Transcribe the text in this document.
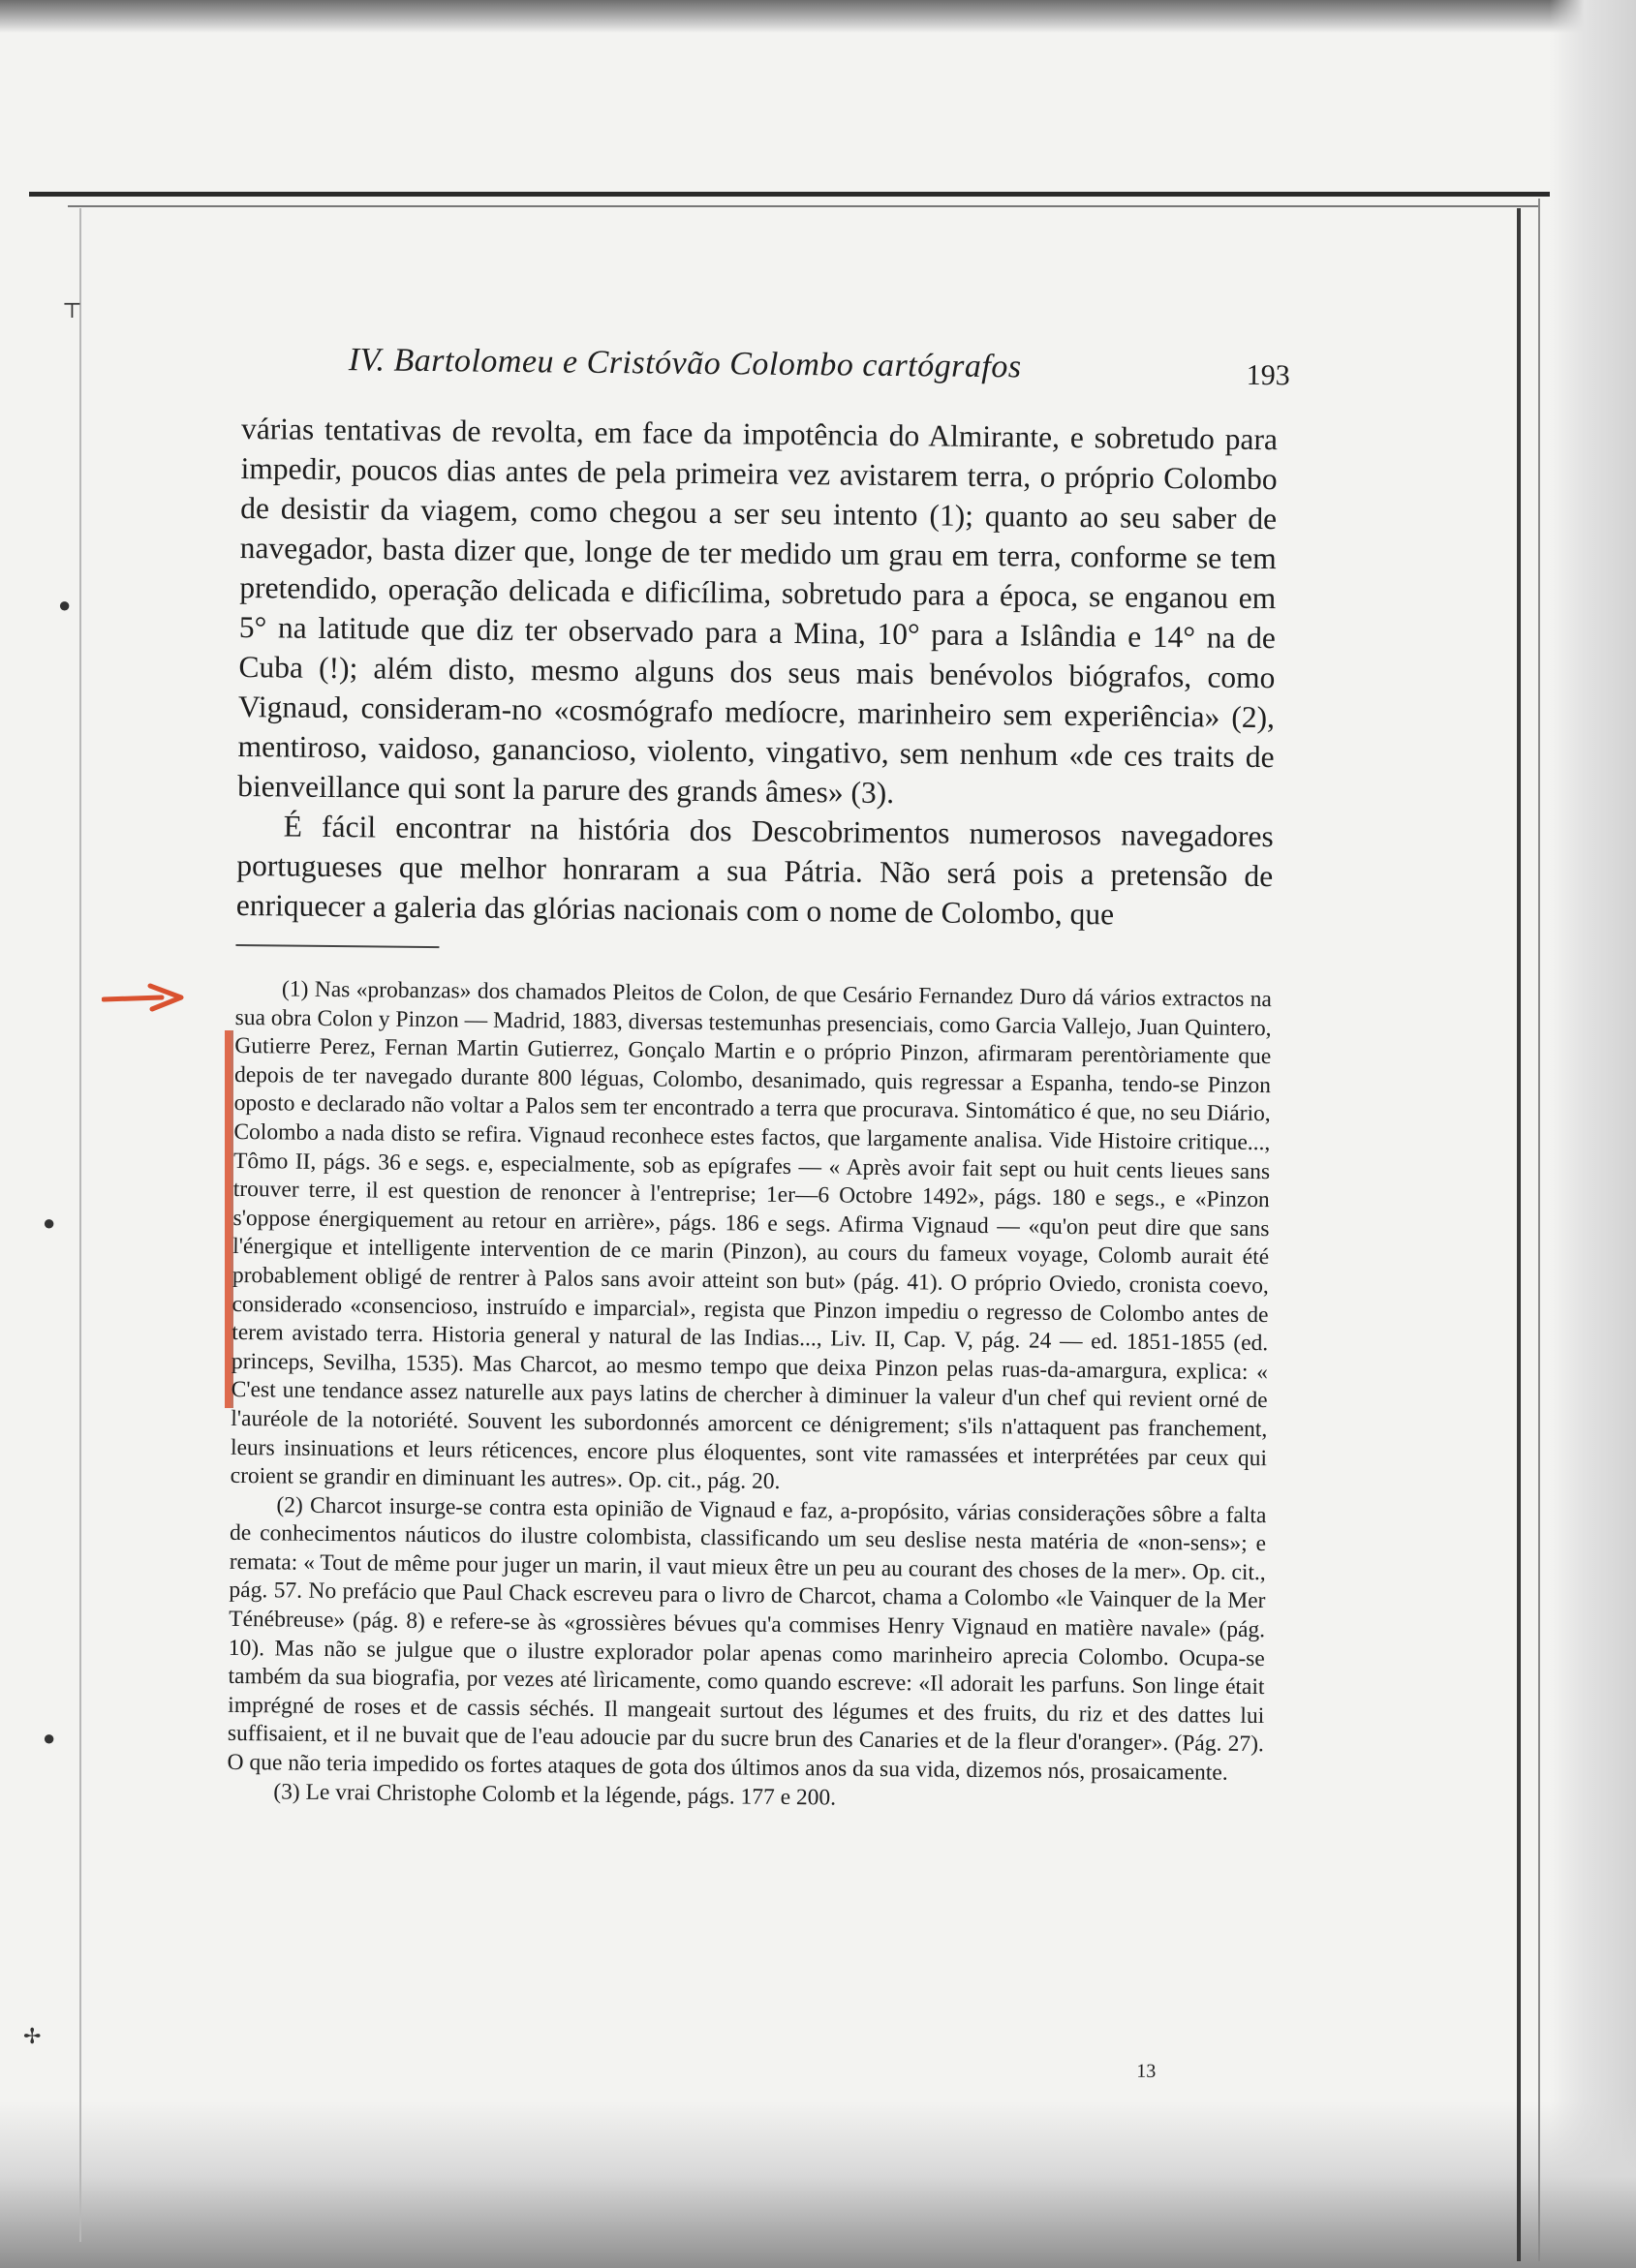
●
●
●
⊤
✢
IV. Bartolomeu e Cristóvão Colombo cartógrafos	193

várias tentativas de revolta, em face da impotência do Almirante, e sobretudo para impedir, poucos dias antes de pela primeira vez avistarem terra, o próprio Colombo de desistir da viagem, como chegou a ser seu intento (1); quanto ao seu saber de navegador, basta dizer que, longe de ter medido um grau em terra, conforme se tem pretendido, operação delicada e dificílima, sobretudo para a época, se enganou em 5° na latitude que diz ter observado para a Mina, 10° para a Islândia e 14° na de Cuba (!); além disto, mesmo alguns dos seus mais benévolos biógrafos, como Vignaud, consideram-no «cosmógrafo medíocre, marinheiro sem experiência» (2), mentiroso, vaidoso, ganancioso, violento, vingativo, sem nenhum «de ces traits de bienveillance qui sont la parure des grands âmes» (3).

É fácil encontrar na história dos Descobrimentos numerosos navegadores portugueses que melhor honraram a sua Pátria. Não será pois a pretensão de enriquecer a galeria das glórias nacionais com o nome de Colombo, que

(1) Nas «probanzas» dos chamados Pleitos de Colon, de que Cesário Fernandez Duro dá vários extractos na sua obra Colon y Pinzon — Madrid, 1883, diversas testemunhas presenciais, como Garcia Vallejo, Juan Quintero, Gutierre Perez, Fernan Martin Gutierrez, Gonçalo Martin e o próprio Pinzon, afirmaram perentòriamente que depois de ter navegado durante 800 léguas, Colombo, desanimado, quis regressar a Espanha, tendo-se Pinzon oposto e declarado não voltar a Palos sem ter encontrado a terra que procurava. Sintomático é que, no seu Diário, Colombo a nada disto se refira. Vignaud reconhece estes factos, que largamente analisa. Vide Histoire critique..., Tômo II, págs. 36 e segs. e, especialmente, sob as epígrafes — « Après avoir fait sept ou huit cents lieues sans trouver terre, il est question de renoncer à l'entreprise; 1er—6 Octobre 1492», págs. 180 e segs., e «Pinzon s'oppose énergiquement au retour en arrière», págs. 186 e segs. Afirma Vignaud — «qu'on peut dire que sans l'énergique et intelligente intervention de ce marin (Pinzon), au cours du fameux voyage, Colomb aurait été probablement obligé de rentrer à Palos sans avoir atteint son but» (pág. 41). O próprio Oviedo, cronista coevo, considerado «consencioso, instruído e imparcial», regista que Pinzon impediu o regresso de Colombo antes de terem avistado terra. Historia general y natural de las Indias..., Liv. II, Cap. V, pág. 24 — ed. 1851-1855 (ed. princeps, Sevilha, 1535). Mas Charcot, ao mesmo tempo que deixa Pinzon pelas ruas-da-amargura, explica: « C'est une tendance assez naturelle aux pays latins de chercher à diminuer la valeur d'un chef qui revient orné de l'auréole de la notoriété. Souvent les subordonnés amorcent ce dénigrement; s'ils n'attaquent pas franchement, leurs insinuations et leurs réticences, encore plus éloquentes, sont vite ramassées et interprétées par ceux qui croient se grandir en diminuant les autres». Op. cit., pág. 20.

(2) Charcot insurge-se contra esta opinião de Vignaud e faz, a-propósito, várias considerações sôbre a falta de conhecimentos náuticos do ilustre colombista, classificando um seu deslise nesta matéria de «non-sens»; e remata: « Tout de même pour juger un marin, il vaut mieux être un peu au courant des choses de la mer». Op. cit., pág. 57. No prefácio que Paul Chack escreveu para o livro de Charcot, chama a Colombo «le Vainquer de la Mer Ténébreuse» (pág. 8) e refere-se às «grossières bévues qu'a commises Henry Vignaud en matière navale» (pág. 10). Mas não se julgue que o ilustre explorador polar apenas como marinheiro aprecia Colombo. Ocupa-se também da sua biografia, por vezes até lìricamente, como quando escreve: «Il adorait les parfuns. Son linge était imprégné de roses et de cassis séchés. Il mangeait surtout des légumes et des fruits, du riz et des dattes lui suffisaient, et il ne buvait que de l'eau adoucie par du sucre brun des Canaries et de la fleur d'oranger». (Pág. 27). O que não teria impedido os fortes ataques de gota dos últimos anos da sua vida, dizemos nós, prosaicamente.

(3) Le vrai Christophe Colomb et la légende, págs. 177 e 200.

13
